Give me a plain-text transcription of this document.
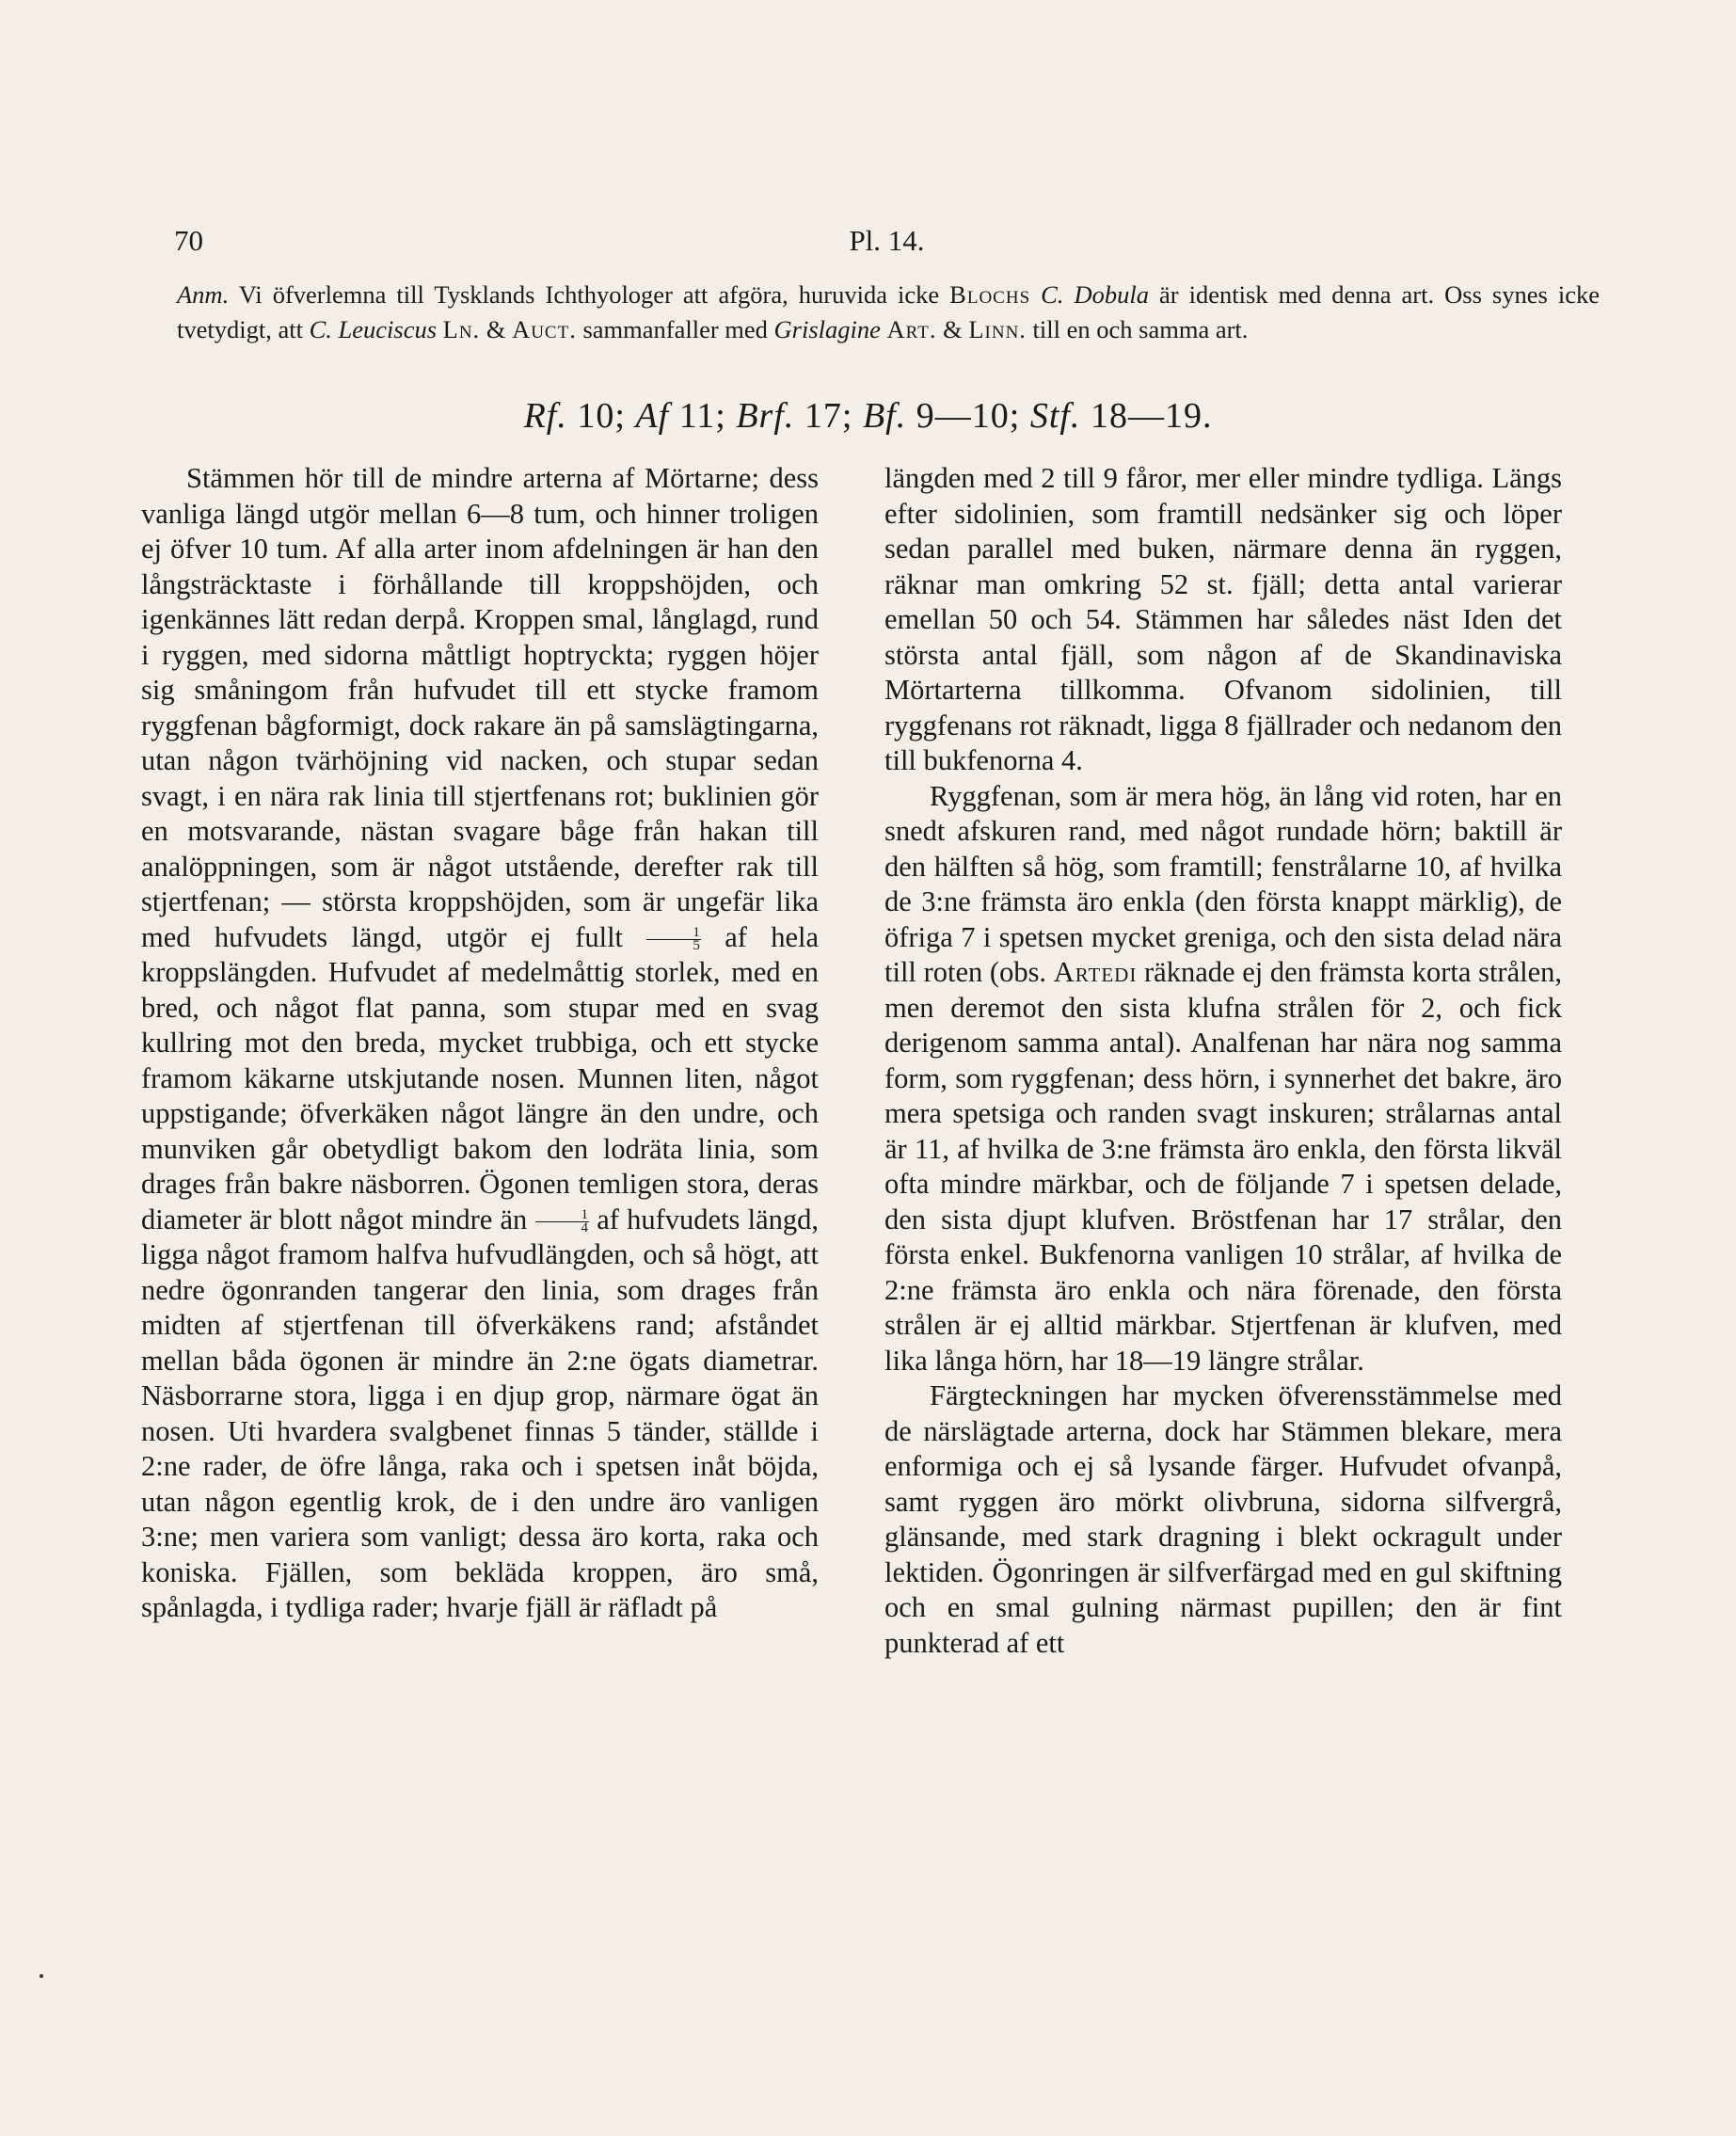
70	Pl. 14.
Anm. Vi öfverlemna till Tysklands Ichthyologer att afgöra, huruvida icke Blochs C. Dobula är identisk med denna art. Oss synes icke tvetydigt, att C. Leuciscus Ln. & Auct. sammanfaller med Grislagine Art. & Linn. till en och samma art.
Rf. 10; Af 11; Brf. 17; Bf. 9—10; Stf. 18—19.

Stämmen hör till de mindre arterna af Mörtarne; dess vanliga längd utgör mellan 6—8 tum, och hinner troligen ej öfver 10 tum. Af alla arter inom afdelningen är han den långsträcktaste i förhållande till kroppshöjden, och igenkännes lätt redan derpå. Kroppen smal, långlagd, rund i ryggen, med sidorna måttligt hoptryckta; ryggen höjer sig småningom från hufvudet till ett stycke framom ryggfenan bågformigt, dock rakare än på samslägtingarna, utan någon tvärhöjning vid nacken, och stupar sedan svagt, i en nära rak linia till stjertfenans rot; buklinien gör en motsvarande, nästan svagare båge från hakan till analöppningen, som är något utstående, derefter rak till stjertfenan; — största kroppshöjden, som är ungefär lika med hufvudets längd, utgör ej fullt $\frac{1}{5}$ af hela kroppslängden. Hufvudet af medelmåttig storlek, med en bred, och något flat panna, som stupar med en svag kullring mot den breda, mycket trubbiga, och ett stycke framom käkarne utskjutande nosen. Munnen liten, något uppstigande; öfverkäken något längre än den undre, och munviken går obetydligt bakom den lodräta linia, som drages från bakre näsborren. Ögonen temligen stora, deras diameter är blott något mindre än $\frac{1}{4}$ af hufvudets längd, ligga något framom halfva hufvudlängden, och så högt, att nedre ögonranden tangerar den linia, som drages från midten af stjertfenan till öfverkäkens rand; afståndet mellan båda ögonen är mindre än 2:ne ögats diametrar. Näsborrarne stora, ligga i en djup grop, närmare ögat än nosen. Uti hvardera svalgbenet finnas 5 tänder, ställde i 2:ne rader, de öfre långa, raka och i spetsen inåt böjda, utan någon egentlig krok, de i den undre äro vanligen 3:ne; men variera som vanligt; dessa äro korta, raka och koniska. Fjällen, som bekläda kroppen, äro små, spånlagda, i tydliga rader; hvarje fjäll är räfladt på

längden med 2 till 9 fåror, mer eller mindre tydliga. Längs efter sidolinien, som framtill nedsänker sig och löper sedan parallel med buken, närmare denna än ryggen, räknar man omkring 52 st. fjäll; detta antal varierar emellan 50 och 54. Stämmen har således näst Iden det största antal fjäll, som någon af de Skandinaviska Mörtarterna tillkomma. Ofvanom sidolinien, till ryggfenans rot räknadt, ligga 8 fjällrader och nedanom den till bukfenorna 4.

Ryggfenan, som är mera hög, än lång vid roten, har en snedt afskuren rand, med något rundade hörn; baktill är den hälften så hög, som framtill; fenstrålarne 10, af hvilka de 3:ne främsta äro enkla (den första knappt märklig), de öfriga 7 i spetsen mycket greniga, och den sista delad nära till roten (obs. Artedi räknade ej den främsta korta strålen, men deremot den sista klufna strålen för 2, och fick derigenom samma antal). Analfenan har nära nog samma form, som ryggfenan; dess hörn, i synnerhet det bakre, äro mera spetsiga och randen svagt inskuren; strålarnas antal är 11, af hvilka de 3:ne främsta äro enkla, den första likväl ofta mindre märkbar, och de följande 7 i spetsen delade, den sista djupt klufven. Bröstfenan har 17 strålar, den första enkel. Bukfenorna vanligen 10 strålar, af hvilka de 2:ne främsta äro enkla och nära förenade, den första strålen är ej alltid märkbar. Stjertfenan är klufven, med lika långa hörn, har 18—19 längre strålar.

Färgteckningen har mycken öfverensstämmelse med de närslägtade arterna, dock har Stämmen blekare, mera enformiga och ej så lysande färger. Hufvudet ofvanpå, samt ryggen äro mörkt olivbruna, sidorna silfvergrå, glänsande, med stark dragning i blekt ockragult under lektiden. Ögonringen är silfverfärgad med en gul skiftning och en smal gulning närmast pupillen; den är fint punkterad af ett
